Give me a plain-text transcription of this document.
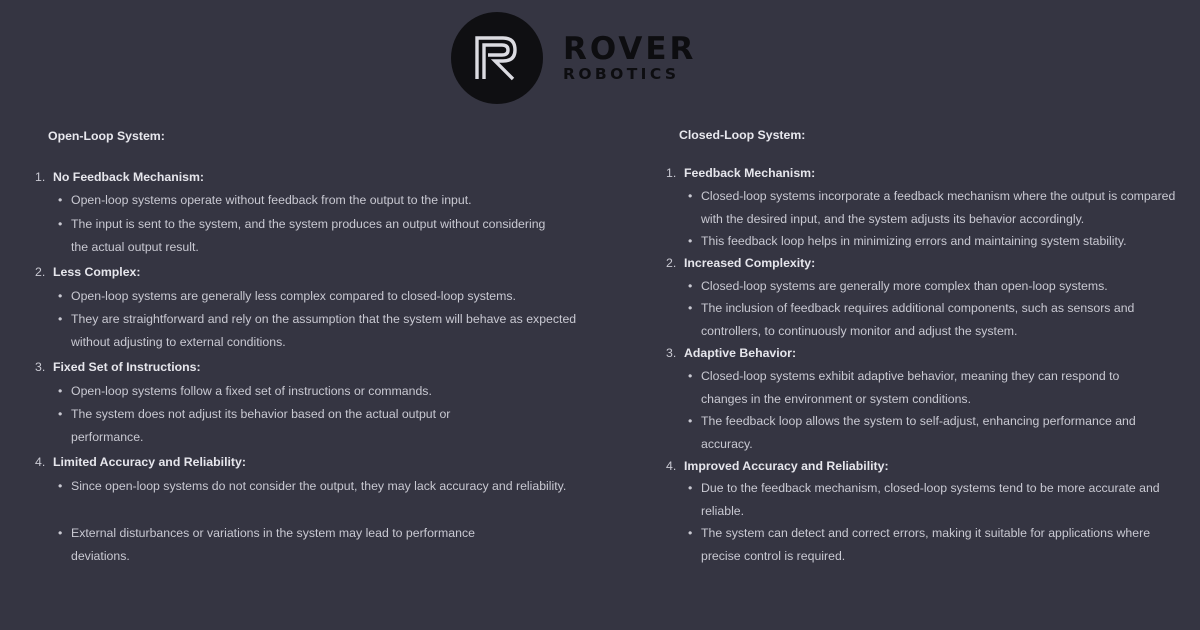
ROVER
ROBOTICS
Open-Loop System:
1. No Feedback Mechanism:
• Open-loop systems operate without feedback from the output to the input.
• The input is sent to the system, and the system produces an output without considering the actual output result.
2. Less Complex:
• Open-loop systems are generally less complex compared to closed-loop systems.
• They are straightforward and rely on the assumption that the system will behave as expected without adjusting to external conditions.
3. Fixed Set of Instructions:
• Open-loop systems follow a fixed set of instructions or commands.
• The system does not adjust its behavior based on the actual output or performance.
4. Limited Accuracy and Reliability:
• Since open-loop systems do not consider the output, they may lack accuracy and reliability.
• External disturbances or variations in the system may lead to performance deviations.
Closed-Loop System:
1. Feedback Mechanism:
• Closed-loop systems incorporate a feedback mechanism where the output is compared with the desired input, and the system adjusts its behavior accordingly.
• This feedback loop helps in minimizing errors and maintaining system stability.
2. Increased Complexity:
• Closed-loop systems are generally more complex than open-loop systems.
• The inclusion of feedback requires additional components, such as sensors and controllers, to continuously monitor and adjust the system.
3. Adaptive Behavior:
• Closed-loop systems exhibit adaptive behavior, meaning they can respond to changes in the environment or system conditions.
• The feedback loop allows the system to self-adjust, enhancing performance and accuracy.
4. Improved Accuracy and Reliability:
• Due to the feedback mechanism, closed-loop systems tend to be more accurate and reliable.
• The system can detect and correct errors, making it suitable for applications where precise control is required.
